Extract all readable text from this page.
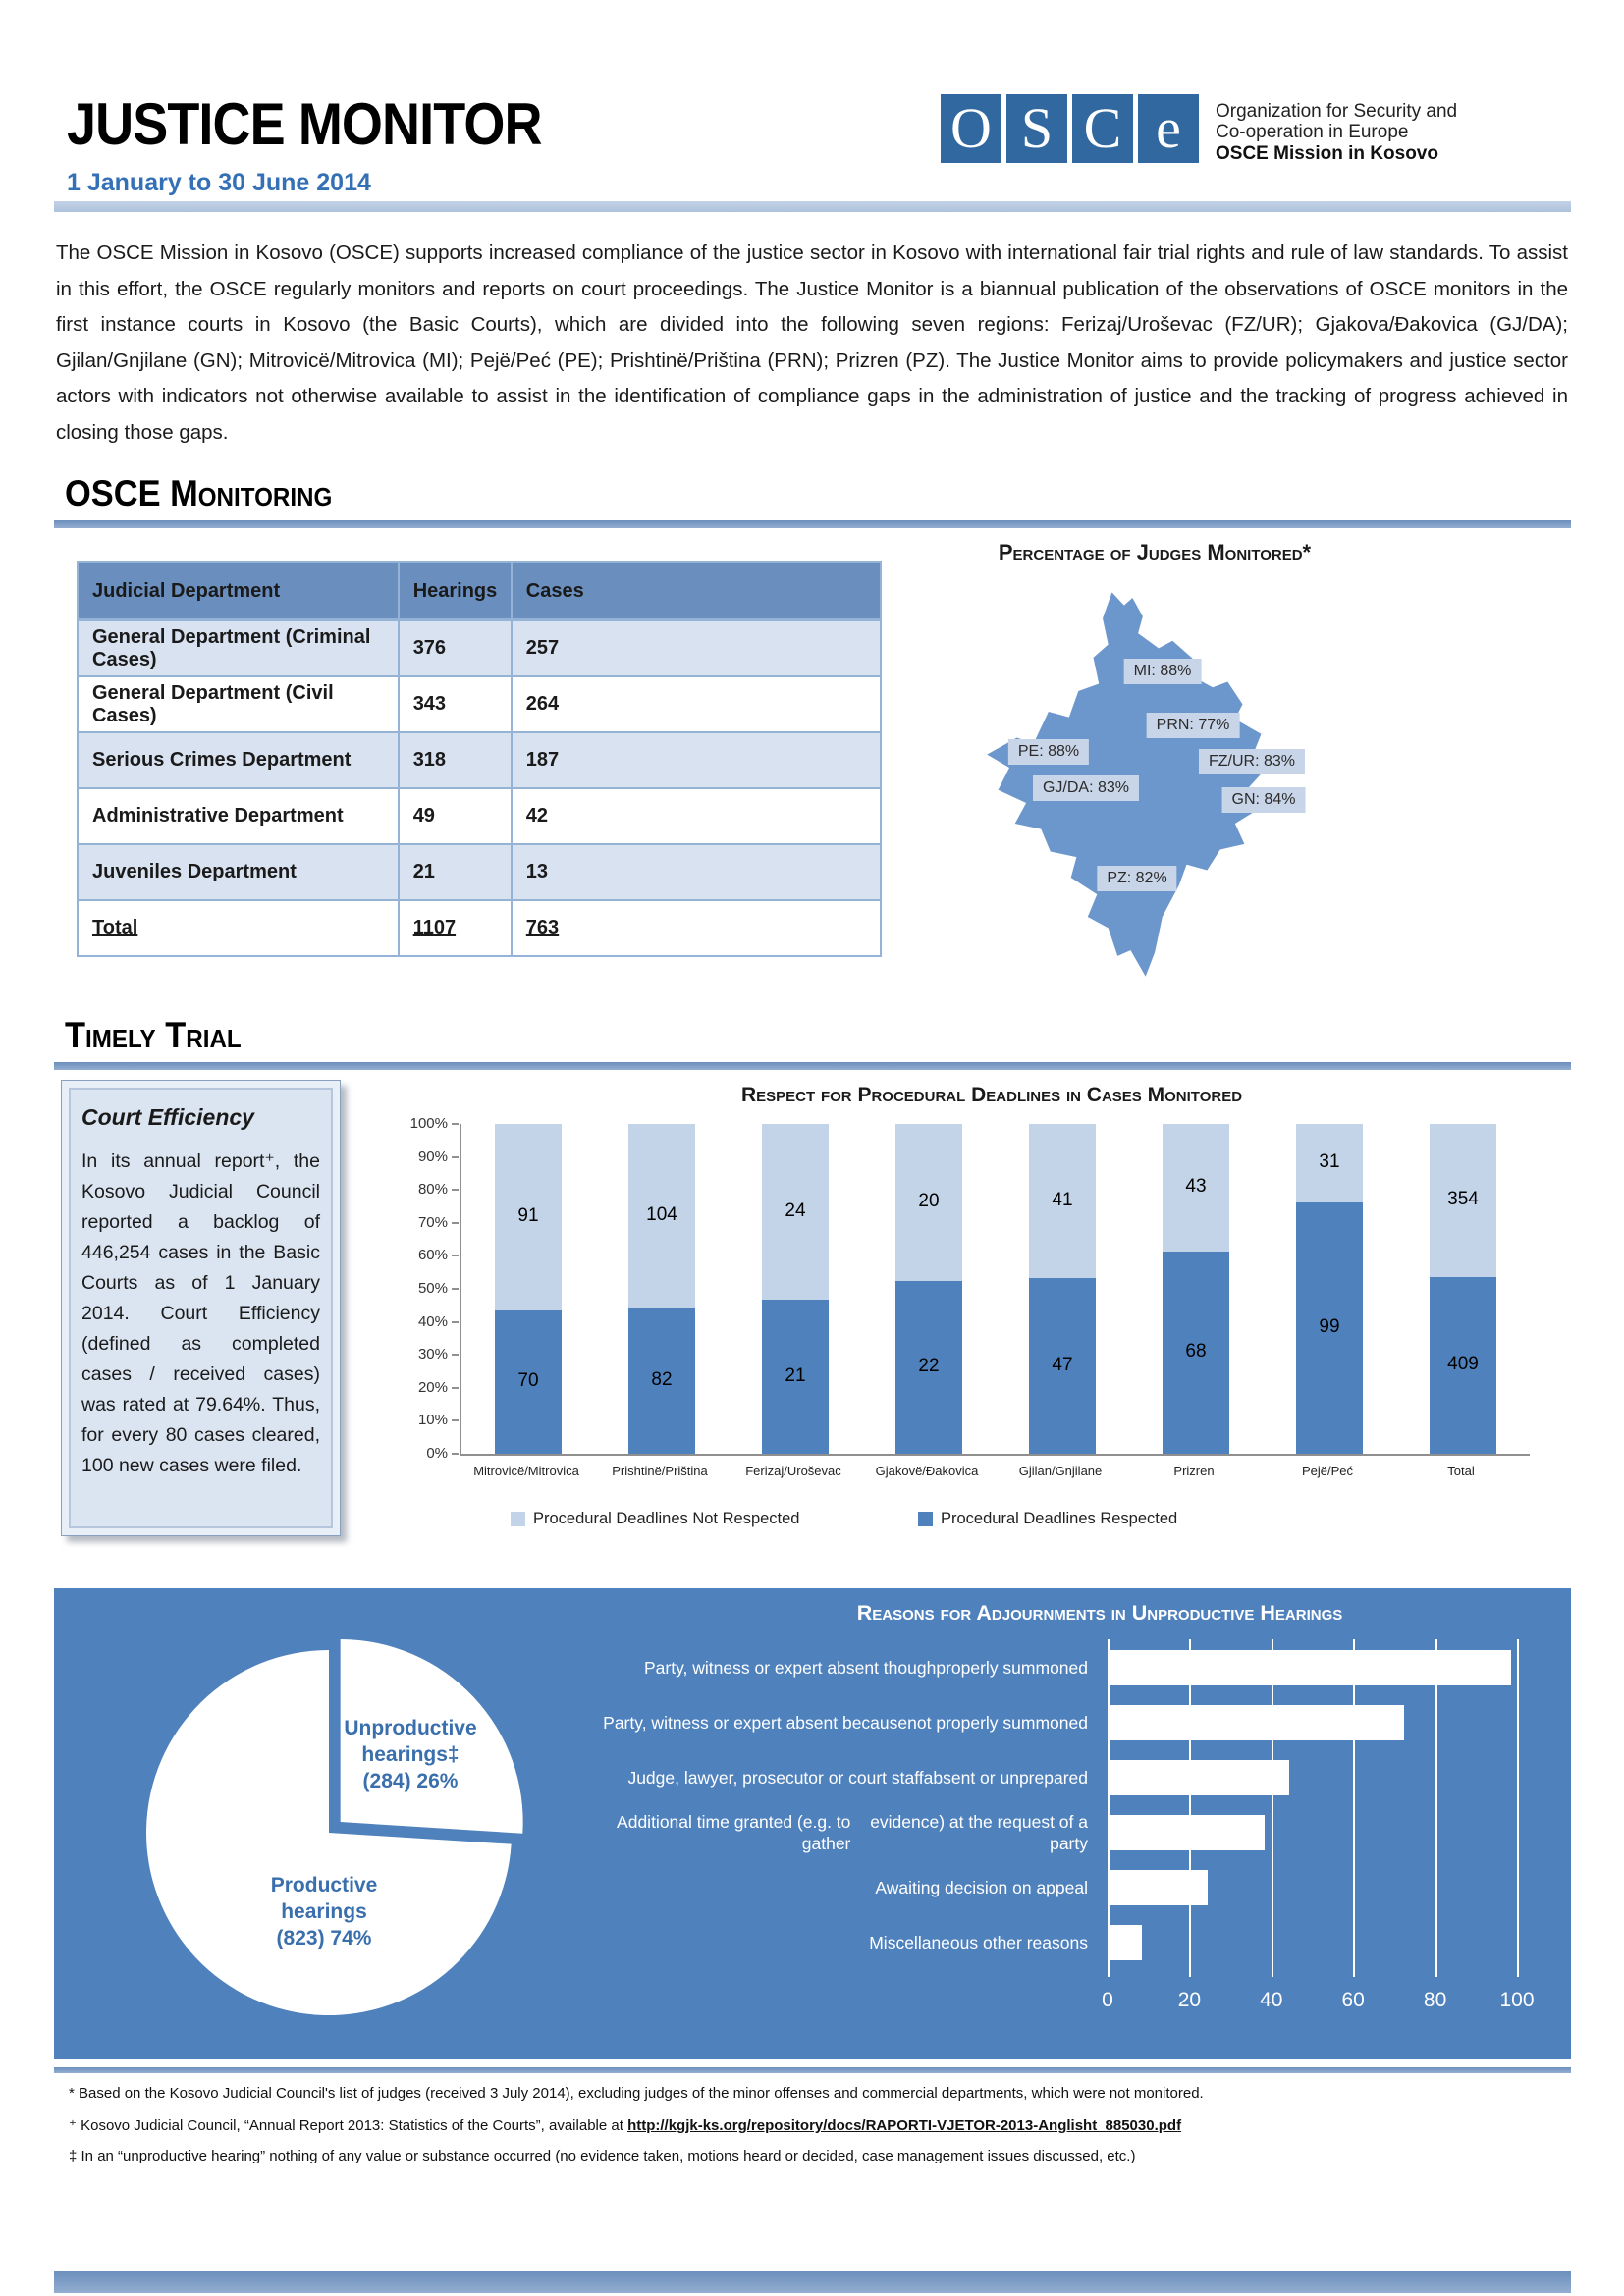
JUSTICE MONITOR
1 January to 30 June 2014
O S C e	Organization for Security and
Co-operation in Europe
OSCE Mission in Kosovo

The OSCE Mission in Kosovo (OSCE) supports increased compliance of the justice sector in Kosovo with international fair trial rights and rule of law standards. To assist in this effort, the OSCE regularly monitors and reports on court proceedings. The Justice Monitor is a biannual publication of the observations of OSCE monitors in the first instance courts in Kosovo (the Basic Courts), which are divided into the following seven regions: Ferizaj/Uroševac (FZ/UR); Gjakova/Đakovica (GJ/DA); Gjilan/Gnjilane (GN); Mitrovicë/Mitrovica (MI); Pejë/Peć (PE); Prishtinë/Priština (PRN); Prizren (PZ). The Justice Monitor aims to provide policymakers and justice sector actors with indicators not otherwise available to assist in the identification of compliance gaps in the administration of justice and the tracking of progress achieved in closing those gaps.

OSCE Monitoring
Judicial Department	Hearings	Cases
General Department (Criminal Cases)	376	257
General Department (Civil Cases)	343	264
Serious Crimes Department	318	187
Administrative Department	49	42
Juveniles Department	21	13
Total	1107	763
Percentage of Judges Monitored*
MI: 88%
PRN: 77%
PE: 88%
FZ/UR: 83%
GJ/DA: 83%
GN: 84%
PZ: 82%
Timely Trial
Court Efficiency
In its annual report⁺, the Kosovo Judicial Council reported a backlog of 446,254 cases in the Basic Courts as of 1 January 2014. Court Efficiency (defined as completed cases / received cases) was rated at 79.64%. Thus, for every 80 cases cleared, 100 new cases were filed.
Respect for Procedural Deadlines in Cases Monitored
91
70
104
82
24
21
20
22
41
47
43
68
31
99
354
409
100%
90%
80%
70%
60%
50%
40%
30%
20%
10%
0%
Mitrovicë/Mitrovica	Prishtinë/Priština	Ferizaj/Uroševac	Gjakovë/Đakovica	Gjilan/Gnjilane	Prizren	Pejë/Peć	Total
Procedural Deadlines Not Respected	Procedural Deadlines Respected
Reasons for Adjournments in Unproductive Hearings
Unproductive
hearings‡
(284) 26%
Productive
hearings
(823) 74%
0	20	40	60	80	100
Party, witness or expert absent though properly summoned
Party, witness or expert absent because not properly summoned
Judge, lawyer, prosecutor or court staff absent or unprepared
Additional time granted (e.g. to gather
evidence) at the request of a party
Awaiting decision on appeal
Miscellaneous other reasons
* Based on the Kosovo Judicial Council's list of judges (received 3 July 2014), excluding judges of the minor offenses and commercial departments, which were not monitored.
⁺ Kosovo Judicial Council, “Annual Report 2013: Statistics of the Courts”, available at http://kgjk-ks.org/repository/docs/RAPORTI-VJETOR-2013-Anglisht_885030.pdf
‡ In an “unproductive hearing” nothing of any value or substance occurred (no evidence taken, motions heard or decided, case management issues discussed, etc.)
